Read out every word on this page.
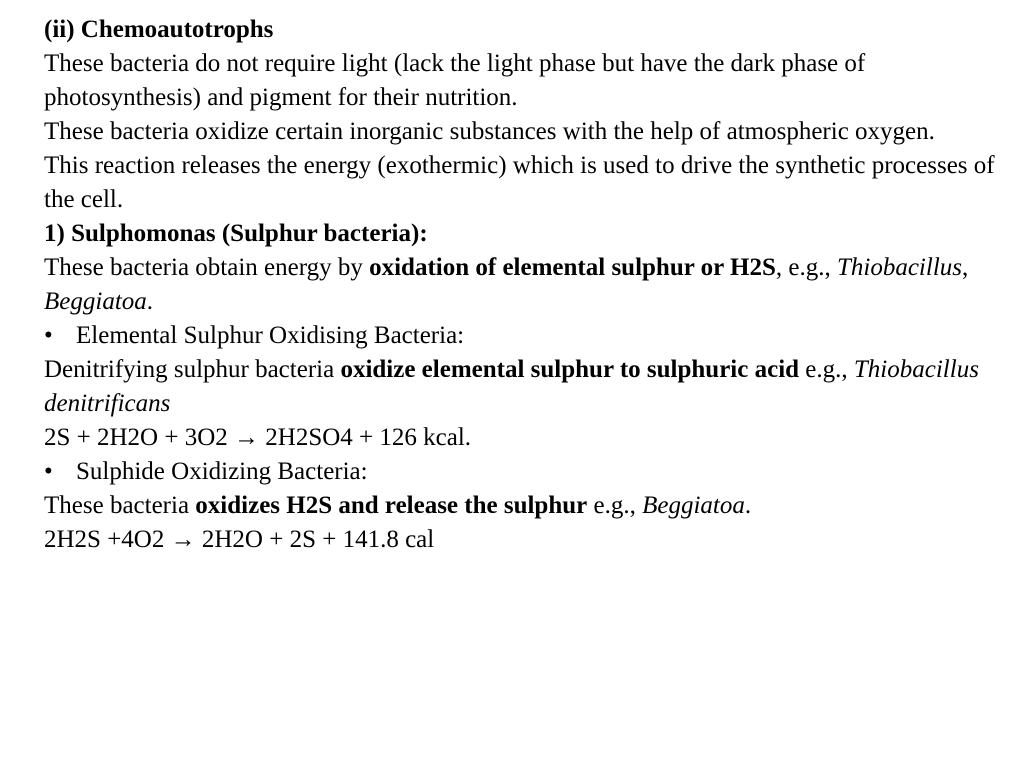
(ii) Chemoautotrophs

These bacteria do not require light (lack the light phase but have the dark phase of photosynthesis) and pigment for their nutrition.

These bacteria oxidize certain inorganic substances with the help of atmospheric oxygen.

This reaction releases the energy (exothermic) which is used to drive the synthetic processes of the cell.

1) Sulphomonas (Sulphur bacteria):

These bacteria obtain energy by oxidation of elemental sulphur or H2S, e.g., Thiobacillus, Beggiatoa.

• Elemental Sulphur Oxidising Bacteria:

Denitrifying sulphur bacteria oxidize elemental sulphur to sulphuric acid e.g., Thiobacillus denitrificans

2S + 2H2O + 3O2 → 2H2SO4 + 126 kcal.

• Sulphide Oxidizing Bacteria:

These bacteria oxidizes H2S and release the sulphur e.g., Beggiatoa.

2H2S +4O2 → 2H2O + 2S + 141.8 cal
